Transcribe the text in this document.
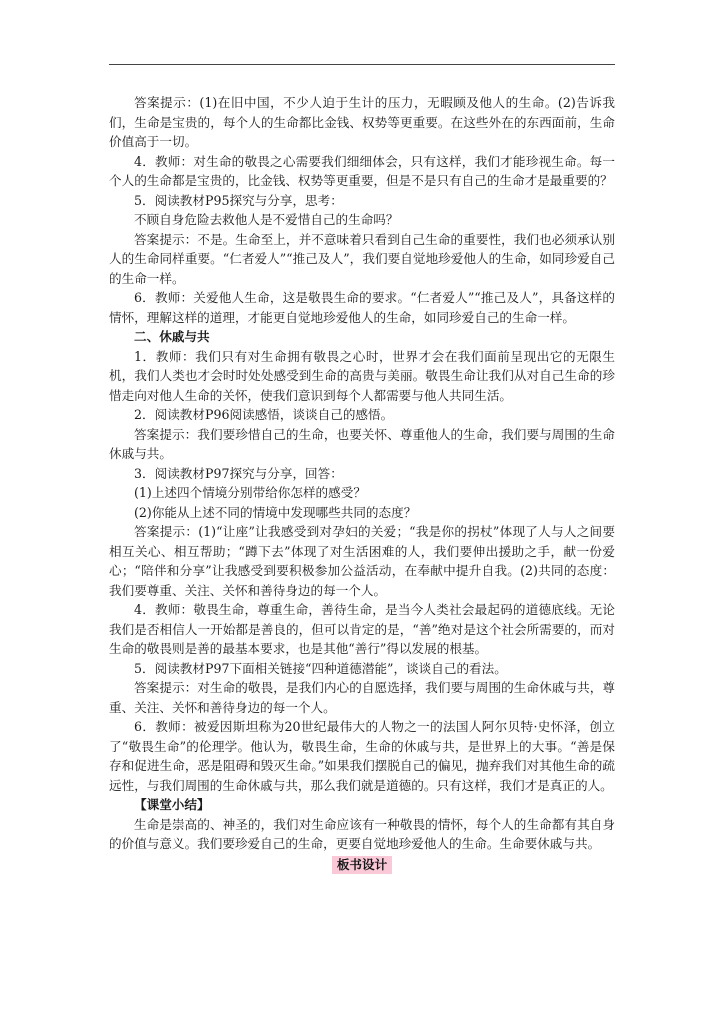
答案提示：(1)在旧中国，不少人迫于生计的压力，无暇顾及他人的生命。(2)告诉我们，生命是宝贵的，每个人的生命都比金钱、权势等更重要。在这些外在的东西面前，生命价值高于一切。

4．教师：对生命的敬畏之心需要我们细细体会，只有这样，我们才能珍视生命。每一个人的生命都是宝贵的，比金钱、权势等更重要，但是不是只有自己的生命才是最重要的？

5．阅读教材P95探究与分享，思考：

不顾自身危险去救他人是不爱惜自己的生命吗？

答案提示：不是。生命至上，并不意味着只看到自己生命的重要性，我们也必须承认别人的生命同样重要。“仁者爱人”“推己及人”，我们要自觉地珍爱他人的生命，如同珍爱自己的生命一样。

6．教师：关爱他人生命，这是敬畏生命的要求。“仁者爱人”“推己及人”，具备这样的情怀，理解这样的道理，才能更自觉地珍爱他人的生命，如同珍爱自己的生命一样。

二、休戚与共

1．教师：我们只有对生命拥有敬畏之心时，世界才会在我们面前呈现出它的无限生机，我们人类也才会时时处处感受到生命的高贵与美丽。敬畏生命让我们从对自己生命的珍惜走向对他人生命的关怀，使我们意识到每个人都需要与他人共同生活。

2．阅读教材P96阅读感悟，谈谈自己的感悟。

答案提示：我们要珍惜自己的生命，也要关怀、尊重他人的生命，我们要与周围的生命休戚与共。

3．阅读教材P97探究与分享，回答：

(1)上述四个情境分别带给你怎样的感受？

(2)你能从上述不同的情境中发现哪些共同的态度？

答案提示：(1)“让座”让我感受到对孕妇的关爱；“我是你的拐杖”体现了人与人之间要相互关心、相互帮助；“蹲下去”体现了对生活困难的人，我们要伸出援助之手，献一份爱心；“陪伴和分享”让我感受到要积极参加公益活动，在奉献中提升自我。(2)共同的态度：我们要尊重、关注、关怀和善待身边的每一个人。

4．教师：敬畏生命，尊重生命，善待生命，是当今人类社会最起码的道德底线。无论我们是否相信人一开始都是善良的，但可以肯定的是，“善”绝对是这个社会所需要的，而对生命的敬畏则是善的最基本要求，也是其他“善行”得以发展的根基。

5．阅读教材P97下面相关链接“四种道德潜能”，谈谈自己的看法。

答案提示：对生命的敬畏，是我们内心的自愿选择，我们要与周围的生命休戚与共，尊重、关注、关怀和善待身边的每一个人。

6．教师：被爱因斯坦称为20世纪最伟大的人物之一的法国人阿尔贝特·史怀泽，创立了“敬畏生命”的伦理学。他认为，敬畏生命，生命的休戚与共，是世界上的大事。“善是保存和促进生命，恶是阻碍和毁灭生命。”如果我们摆脱自己的偏见，抛弃我们对其他生命的疏远性，与我们周围的生命休戚与共，那么我们就是道德的。只有这样，我们才是真正的人。

【课堂小结】

生命是崇高的、神圣的，我们对生命应该有一种敬畏的情怀，每个人的生命都有其自身的价值与意义。我们要珍爱自己的生命，更要自觉地珍爱他人的生命。生命要休戚与共。

板书设计
